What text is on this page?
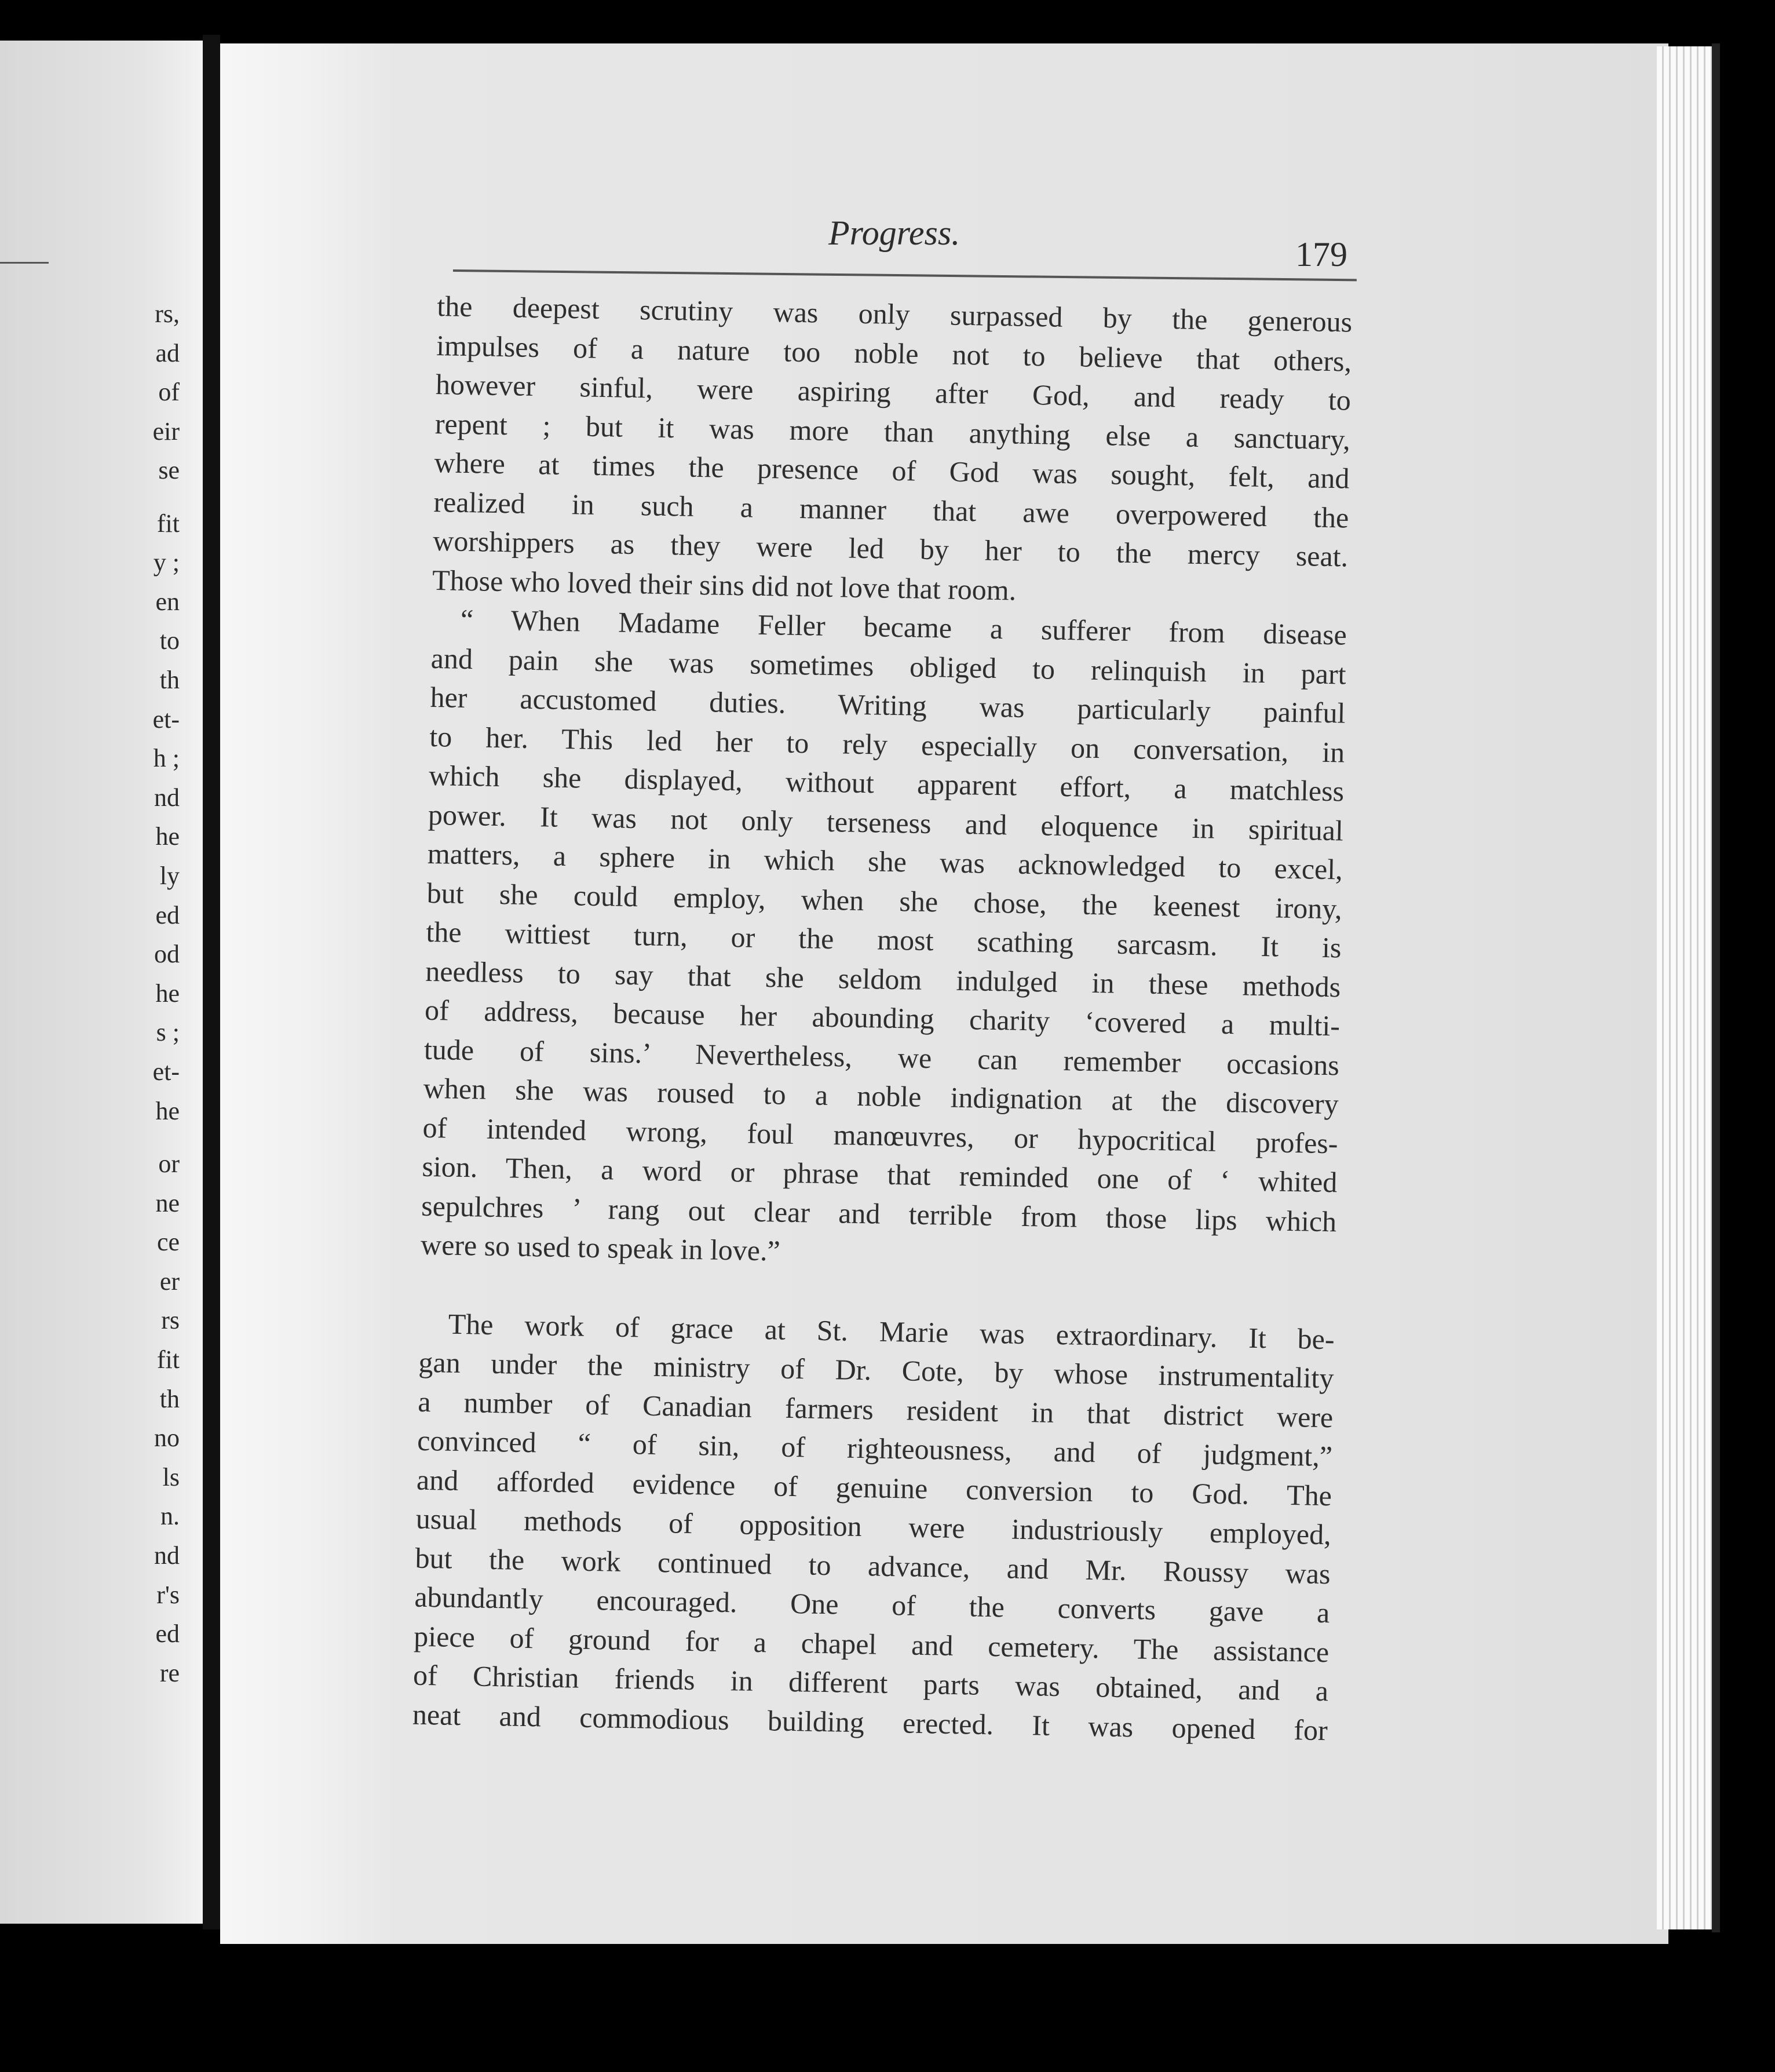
rs,
ad
of
eir
se
fit
y ;
en
to
th
et-
h ;
nd
he
ly
ed
od
he
s ;
et-
he
or
ne
ce
er
rs
fit
th
no
ls
n.
nd
r's
ed
re
Progress.
179
the deepest scrutiny was only surpassed by the generous
impulses of a nature too noble not to believe that others,
however sinful, were aspiring after God, and ready to
repent ; but it was more than anything else a sanctuary,
where at times the presence of God was sought, felt, and
realized in such a manner that awe overpowered the
worshippers as they were led by her to the mercy seat.
Those who loved their sins did not love that room.
“ When Madame Feller became a sufferer from disease
and pain she was sometimes obliged to relinquish in part
her accustomed duties. Writing was particularly painful
to her. This led her to rely especially on conversation, in
which she displayed, without apparent effort, a matchless
power. It was not only terseness and eloquence in spiritual
matters, a sphere in which she was acknowledged to excel,
but she could employ, when she chose, the keenest irony,
the wittiest turn, or the most scathing sarcasm. It is
needless to say that she seldom indulged in these methods
of address, because her abounding charity ‘covered a multi-
tude of sins.’ Nevertheless, we can remember occasions
when she was roused to a noble indignation at the discovery
of intended wrong, foul manœuvres, or hypocritical profes-
sion. Then, a word or phrase that reminded one of ‘ whited
sepulchres ’ rang out clear and terrible from those lips which
were so used to speak in love.”
The work of grace at St. Marie was extraordinary. It be-
gan under the ministry of Dr. Cote, by whose instrumentality
a number of Canadian farmers resident in that district were
convinced “ of sin, of righteousness, and of judgment,”
and afforded evidence of genuine conversion to God. The
usual methods of opposition were industriously employed,
but the work continued to advance, and Mr. Roussy was
abundantly encouraged. One of the converts gave a
piece of ground for a chapel and cemetery. The assistance
of Christian friends in different parts was obtained, and a
neat and commodious building erected. It was opened for
